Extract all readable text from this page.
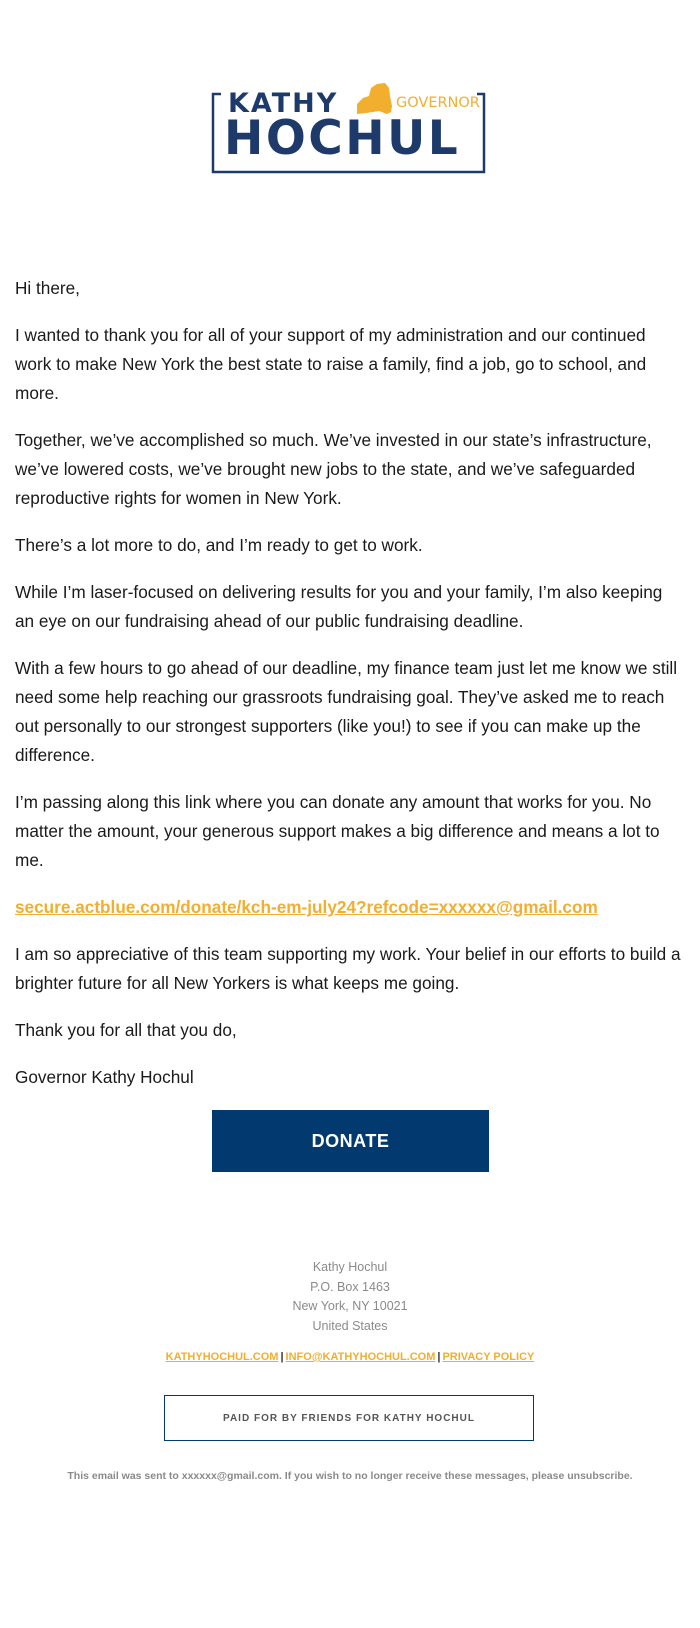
KATHY	GOVERNOR
HOCHUL

Hi there,

I wanted to thank you for all of your support of my administration and our continued work to make New York the best state to raise a family, find a job, go to school, and more.

Together, we’ve accomplished so much. We’ve invested in our state’s infrastructure, we’ve lowered costs, we’ve brought new jobs to the state, and we’ve safeguarded reproductive rights for women in New York.

There’s a lot more to do, and I’m ready to get to work.

While I’m laser-focused on delivering results for you and your family, I’m also keeping an eye on our fundraising ahead of our public fundraising deadline.

With a few hours to go ahead of our deadline, my finance team just let me know we still need some help reaching our grassroots fundraising goal. They’ve asked me to reach out personally to our strongest supporters (like you!) to see if you can make up the difference.

I’m passing along this link where you can donate any amount that works for you. No matter the amount, your generous support makes a big difference and means a lot to me.

secure.actblue.com/donate/kch-em-july24?refcode=xxxxxx@gmail.com

I am so appreciative of this team supporting my work. Your belief in our efforts to build a brighter future for all New Yorkers is what keeps me going.

Thank you for all that you do,

Governor Kathy Hochul

DONATE
Kathy Hochul
P.O. Box 1463
New York, NY 10021
United States
KATHYHOCHUL.COM | INFO@KATHYHOCHUL.COM | PRIVACY POLICY
PAID FOR BY FRIENDS FOR KATHY HOCHUL
This email was sent to xxxxxx@gmail.com. If you wish to no longer receive these messages, please unsubscribe.
